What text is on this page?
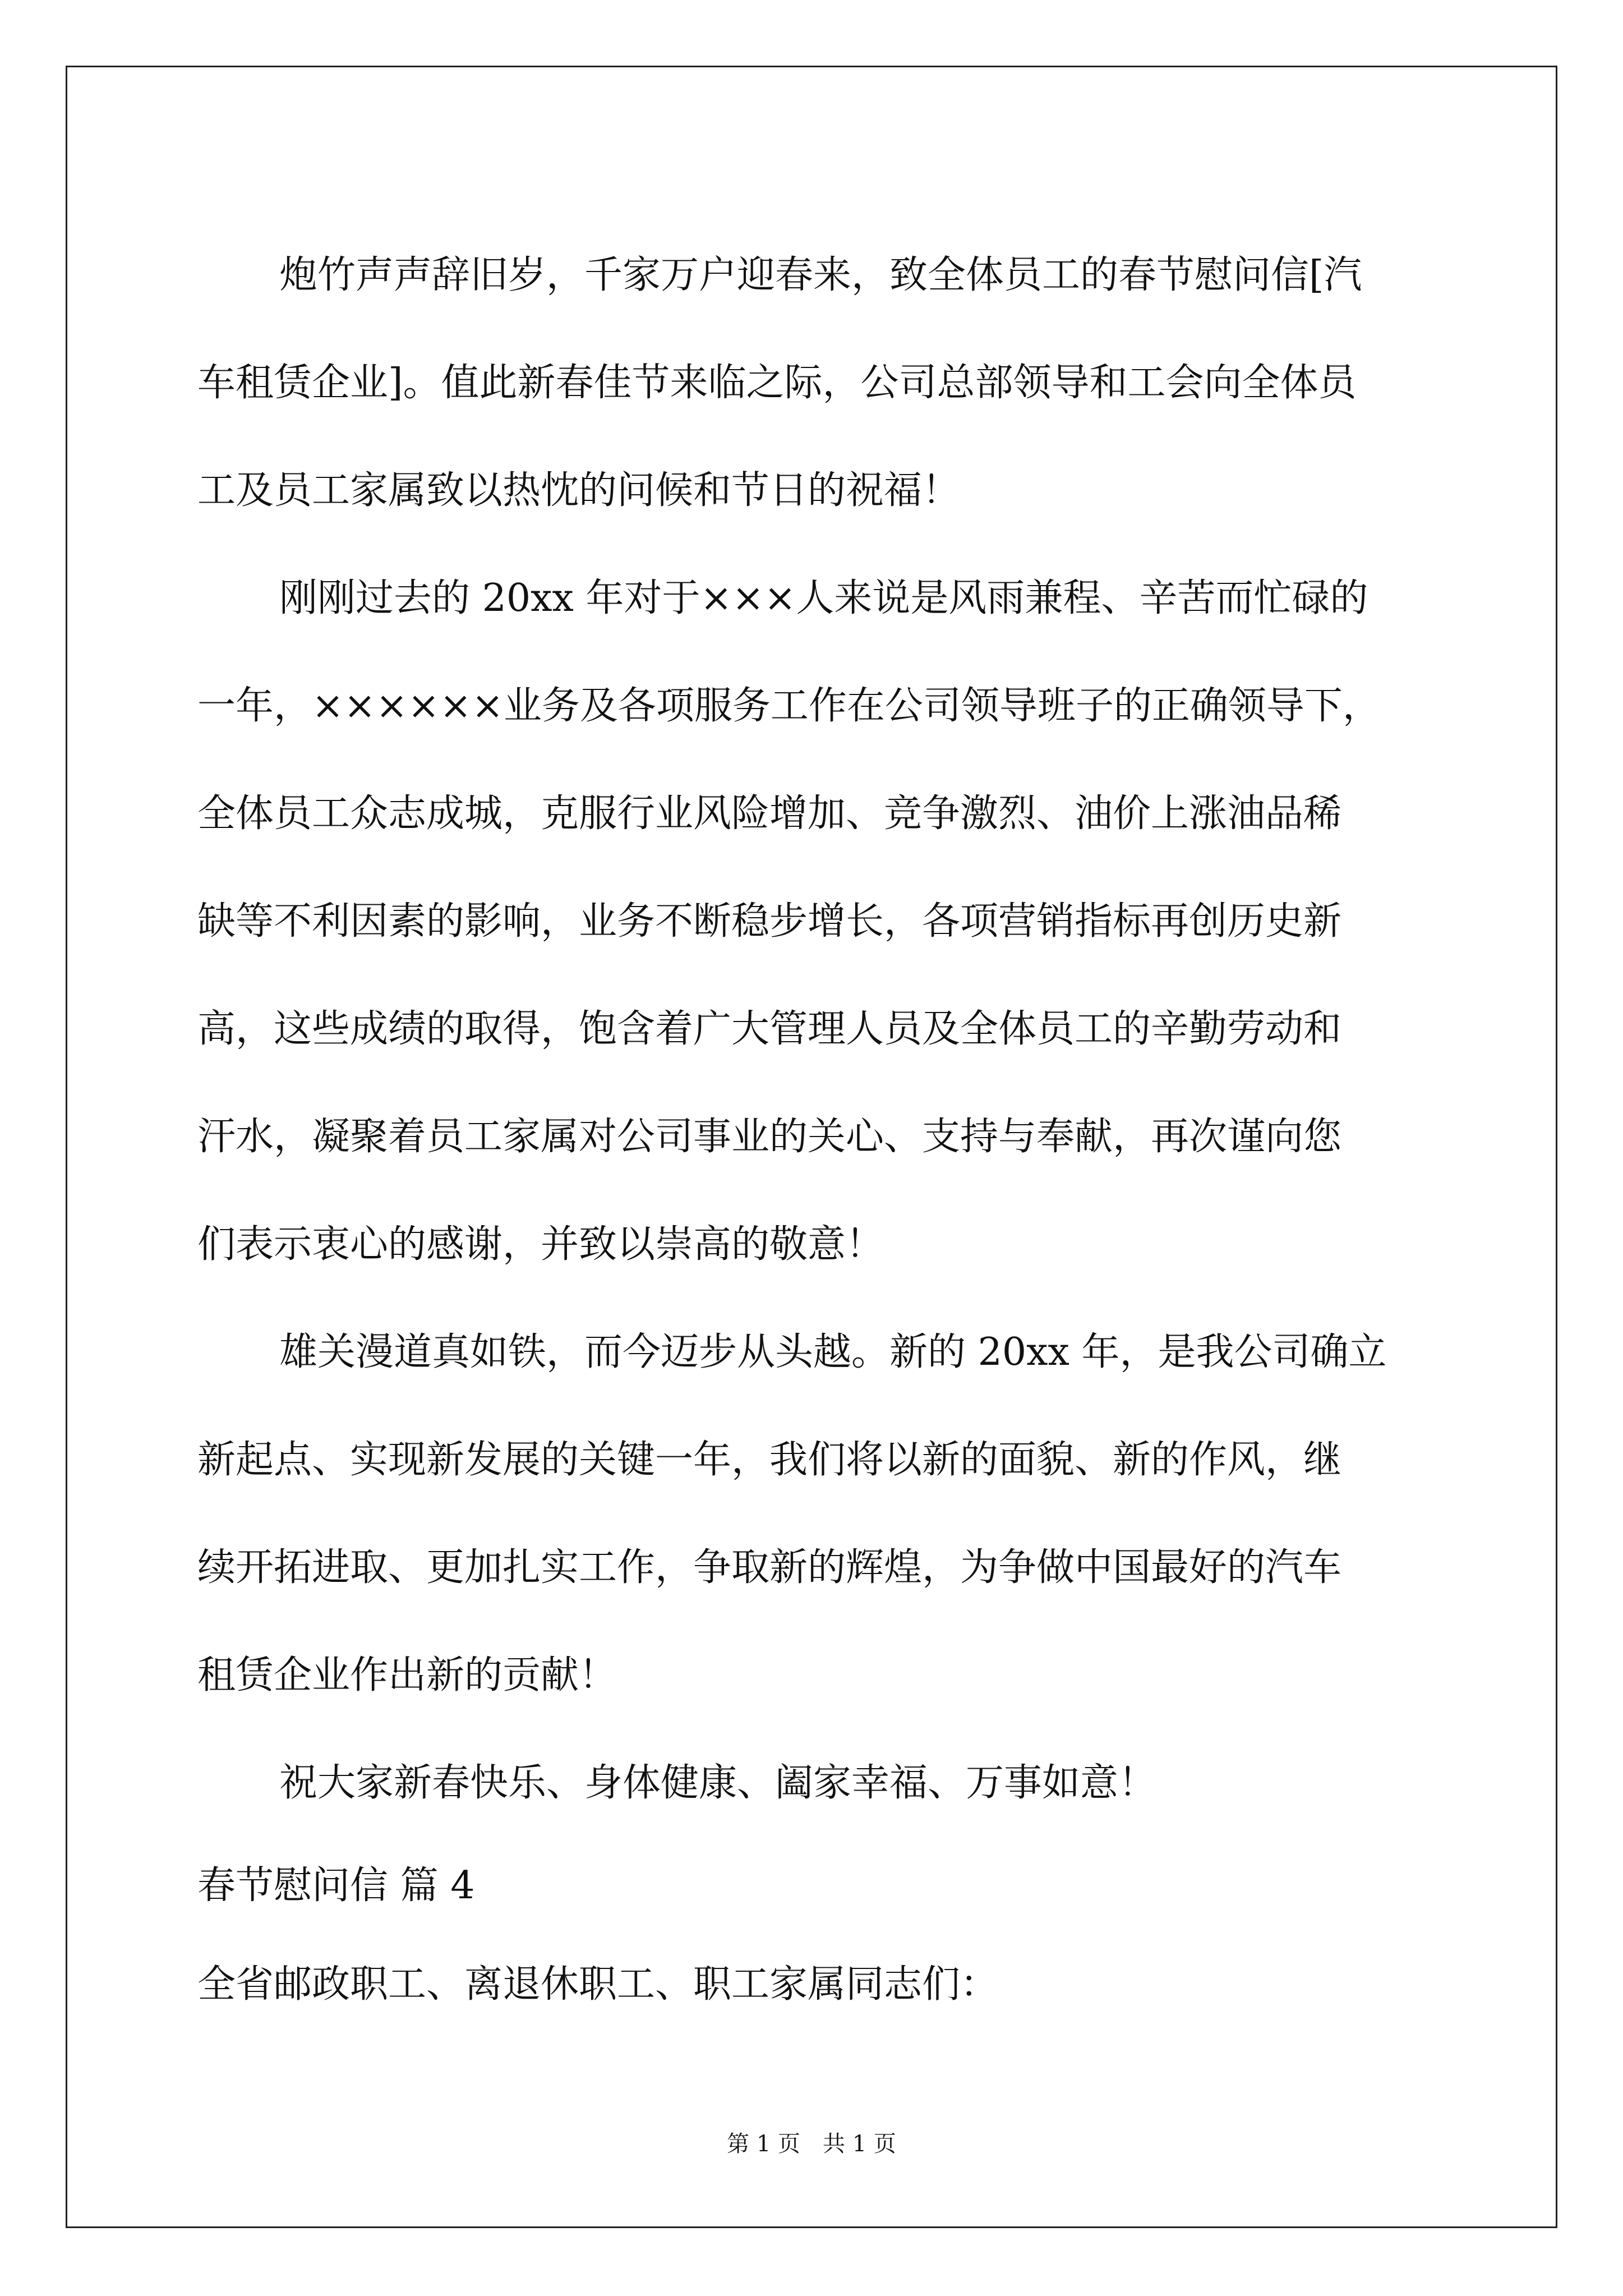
炮竹声声辞旧岁，千家万户迎春来，致全体员工的春节慰问信[汽
车租赁企业]。值此新春佳节来临之际，公司总部领导和工会向全体员
工及员工家属致以热忱的问候和节日的祝福！
刚刚过去的 20xx 年对于×××人来说是风雨兼程、辛苦而忙碌的
一年，××××××业务及各项服务工作在公司领导班子的正确领导下，
全体员工众志成城，克服行业风险增加、竞争激烈、油价上涨油品稀
缺等不利因素的影响，业务不断稳步增长，各项营销指标再创历史新
高，这些成绩的取得，饱含着广大管理人员及全体员工的辛勤劳动和
汗水，凝聚着员工家属对公司事业的关心、支持与奉献，再次谨向您
们表示衷心的感谢，并致以崇高的敬意！
雄关漫道真如铁，而今迈步从头越。新的 20xx 年，是我公司确立
新起点、实现新发展的关键一年，我们将以新的面貌、新的作风，继
续开拓进取、更加扎实工作，争取新的辉煌，为争做中国最好的汽车
租赁企业作出新的贡献！
祝大家新春快乐、身体健康、阖家幸福、万事如意！
春节慰问信 篇 4
全省邮政职工、离退休职工、职工家属同志们：
第 1 页　共 1 页
